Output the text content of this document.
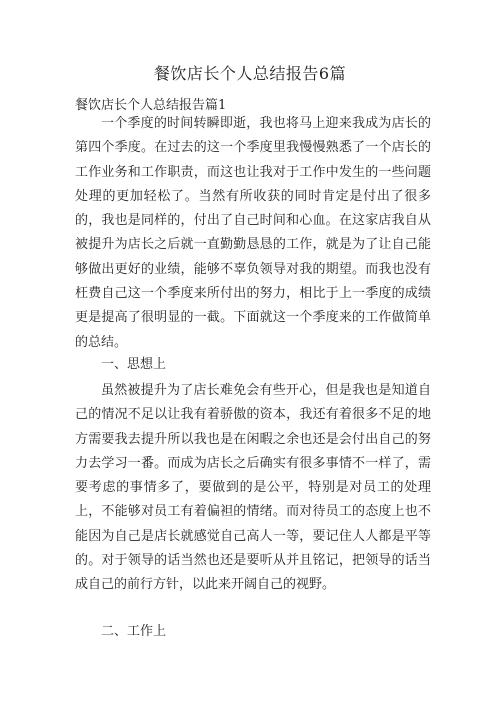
餐饮店长个人总结报告6篇

餐饮店长个人总结报告篇1

一个季度的时间转瞬即逝，我也将马上迎来我成为店长的第四个季度。在过去的这一个季度里我慢慢熟悉了一个店长的工作业务和工作职责，而这也让我对于工作中发生的一些问题处理的更加轻松了。当然有所收获的同时肯定是付出了很多的，我也是同样的，付出了自己时间和心血。在这家店我自从被提升为店长之后就一直勤勤恳恳的工作，就是为了让自己能够做出更好的业绩，能够不辜负领导对我的期望。而我也没有枉费自己这一个季度来所付出的努力，相比于上一季度的成绩更是提高了很明显的一截。下面就这一个季度来的工作做简单的总结。

一、思想上

虽然被提升为了店长难免会有些开心，但是我也是知道自己的情况不足以让我有着骄傲的资本，我还有着很多不足的地方需要我去提升所以我也是在闲暇之余也还是会付出自己的努力去学习一番。而成为店长之后确实有很多事情不一样了，需要考虑的事情多了，要做到的是公平，特别是对员工的处理上，不能够对员工有着偏袒的情绪。而对待员工的态度上也不能因为自己是店长就感觉自己高人一等，要记住人人都是平等的。对于领导的话当然也还是要听从并且铭记，把领导的话当成自己的前行方针，以此来开阔自己的视野。

二、工作上
